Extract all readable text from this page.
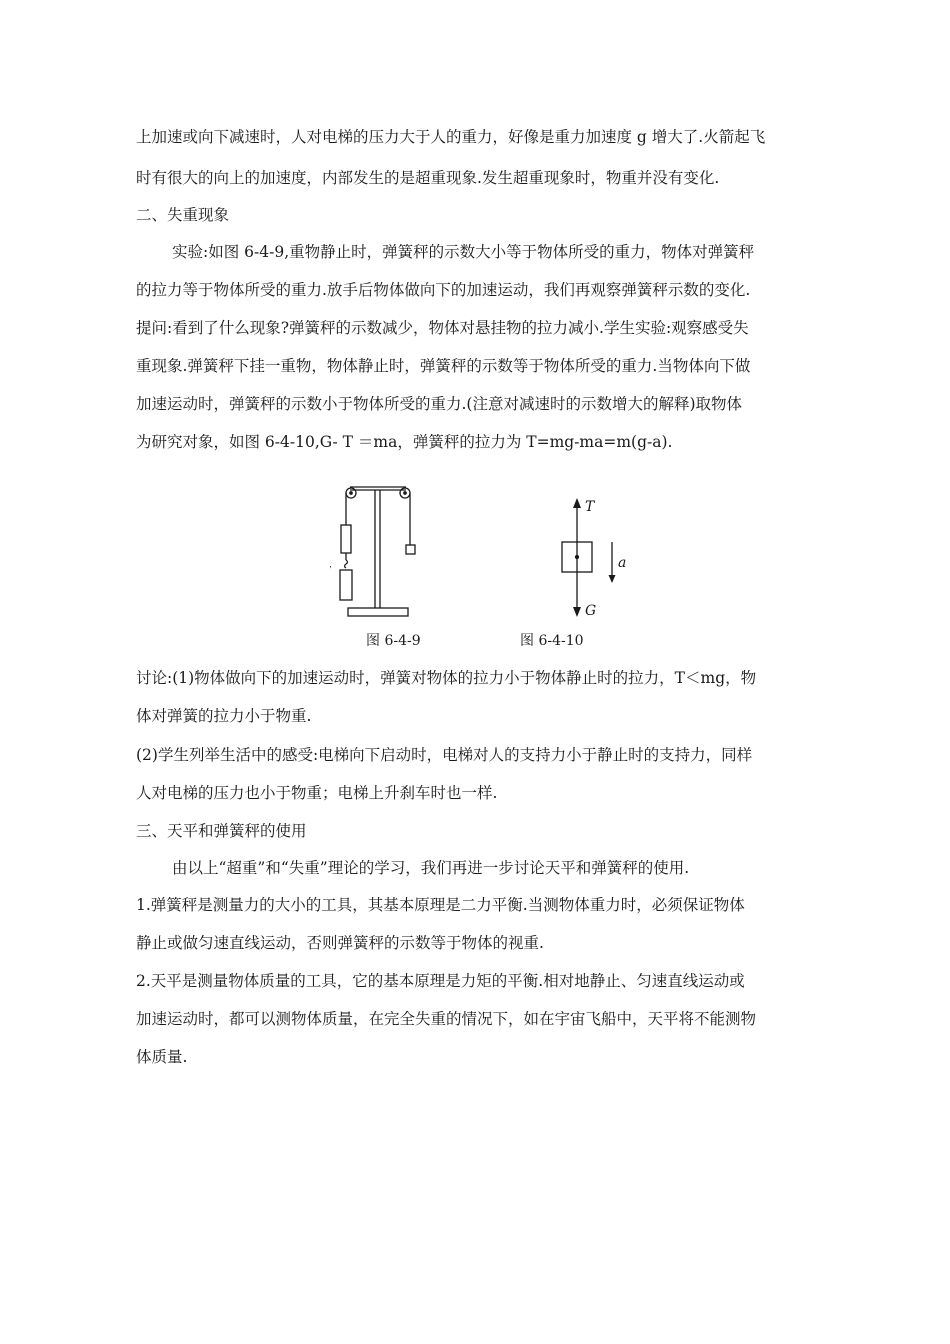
上加速或向下减速时，人对电梯的压力大于人的重力，好像是重力加速度 g 增大了.火箭起飞
时有很大的向上的加速度，内部发生的是超重现象.发生超重现象时，物重并没有变化.
二、失重现象
实验:如图 6-4-9,重物静止时，弹簧秤的示数大小等于物体所受的重力，物体对弹簧秤
的拉力等于物体所受的重力.放手后物体做向下的加速运动，我们再观察弹簧秤示数的变化.
提问:看到了什么现象?弹簧秤的示数减少，物体对悬挂物的拉力减小.学生实验:观察感受失
重现象.弹簧秤下挂一重物，物体静止时，弹簧秤的示数等于物体所受的重力.当物体向下做
加速运动时，弹簧秤的示数小于物体所受的重力.(注意对减速时的示数增大的解释)取物体
为研究对象，如图 6-4-10,G- T ＝ma，弹簧秤的拉力为 T=mg-ma=m(g-a).
T
a
G
图 6-4-9	图 6-4-10
讨论:(1)物体做向下的加速运动时，弹簧对物体的拉力小于物体静止时的拉力，T＜mg，物
体对弹簧的拉力小于物重.
(2)学生列举生活中的感受:电梯向下启动时，电梯对人的支持力小于静止时的支持力，同样
人对电梯的压力也小于物重；电梯上升刹车时也一样.
三、天平和弹簧秤的使用
由以上“超重”和“失重”理论的学习，我们再进一步讨论天平和弹簧秤的使用.
1.弹簧秤是测量力的大小的工具，其基本原理是二力平衡.当测物体重力时，必须保证物体
静止或做匀速直线运动，否则弹簧秤的示数等于物体的视重.
2.天平是测量物体质量的工具，它的基本原理是力矩的平衡.相对地静止、匀速直线运动或
加速运动时，都可以测物体质量，在完全失重的情况下，如在宇宙飞船中，天平将不能测物
体质量.
